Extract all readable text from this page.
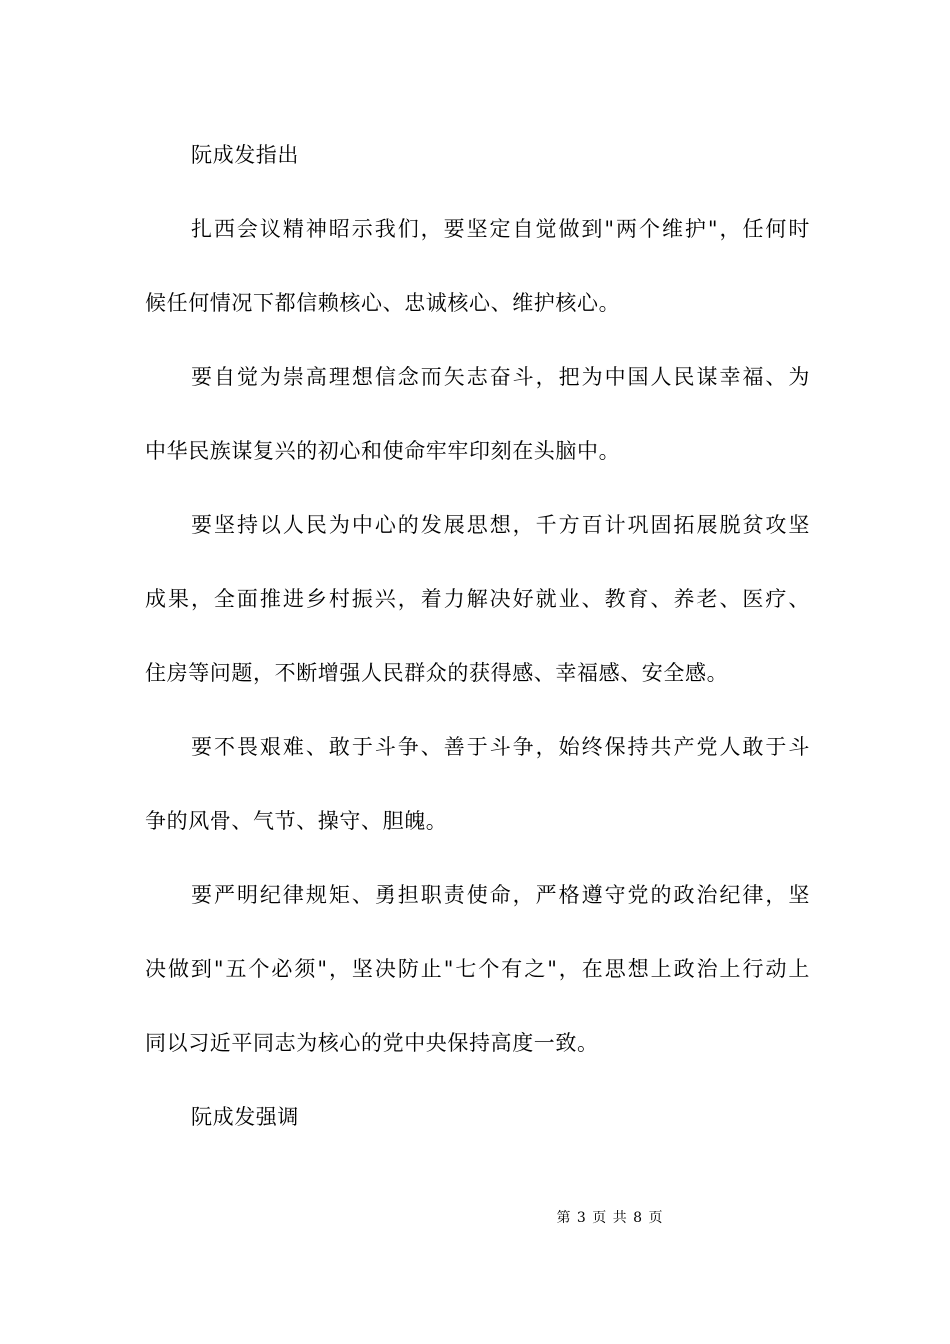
阮成发指出
扎西会议精神昭示我们，要坚定自觉做到"两个维护"，任何时
候任何情况下都信赖核心、忠诚核心、维护核心。
要自觉为崇高理想信念而矢志奋斗，把为中国人民谋幸福、为
中华民族谋复兴的初心和使命牢牢印刻在头脑中。
要坚持以人民为中心的发展思想，千方百计巩固拓展脱贫攻坚
成果，全面推进乡村振兴，着力解决好就业、教育、养老、医疗、
住房等问题，不断增强人民群众的获得感、幸福感、安全感。
要不畏艰难、敢于斗争、善于斗争，始终保持共产党人敢于斗
争的风骨、气节、操守、胆魄。
要严明纪律规矩、勇担职责使命，严格遵守党的政治纪律，坚
决做到"五个必须"，坚决防止"七个有之"，在思想上政治上行动上
同以习近平同志为核心的党中央保持高度一致。
阮成发强调
第 3 页 共 8 页
